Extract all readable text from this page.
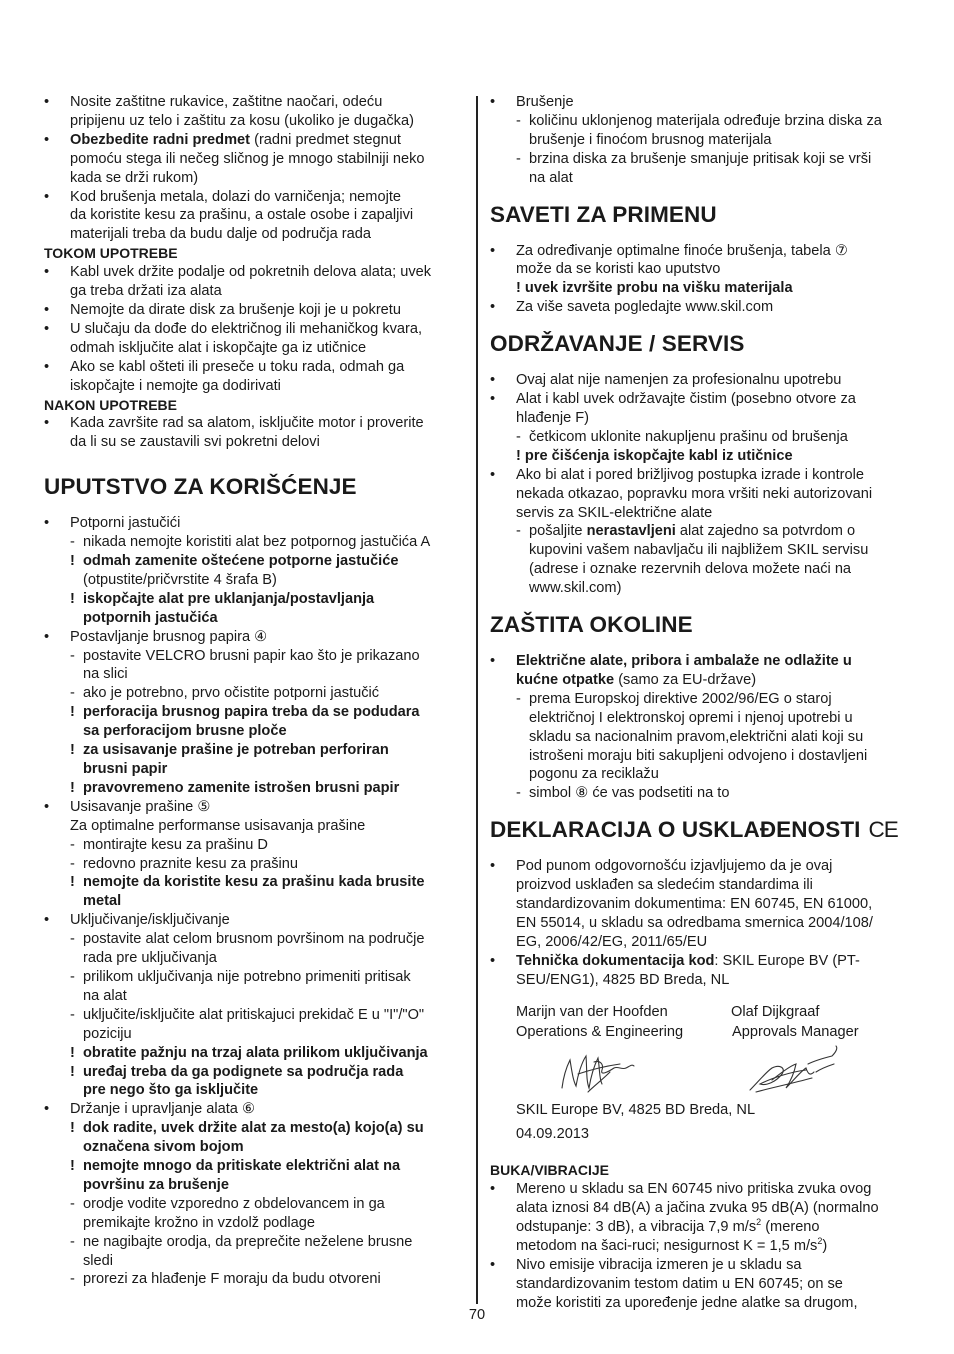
• Nosite zaštitne rukavice, zaštitne naočari, odeću
pripijenu uz telo i zaštitu za kosu (ukoliko je dugačka)
• Obezbedite radni predmet (radni predmet stegnut
pomoću stega ili nečeg sličnog je mnogo stabilniji neko
kada se drži rukom)
• Kod brušenja metala, dolazi do varničenja; nemojte
da koristite kesu za prašinu, a ostale osobe i zapaljivi
materijali treba da budu dalje od područja rada
TOKOM UPOTREBE
• Kabl uvek držite podalje od pokretnih delova alata; uvek
ga treba držati iza alata
• Nemojte da dirate disk za brušenje koji je u pokretu
• U slučaju da dođe do električnog ili mehaničkog kvara,
odmah isključite alat i iskopčajte ga iz utičnice
• Ako se kabl ošteti ili preseče u toku rada, odmah ga
iskopčajte i nemojte ga dodirivati
NAKON UPOTREBE
• Kada završite rad sa alatom, isključite motor i proverite
da li su se zaustavili svi pokretni delovi
UPUTSTVO ZA KORIŠĆENJE
• Potporni jastučići
- nikada nemojte koristiti alat bez potpornog jastučića A
! odmah zamenite oštećene potporne jastučiće
(otpustite/pričvrstite 4 šrafa B)
! iskopčajte alat pre uklanjanja/postavljanja
potpornih jastučića
• Postavljanje brusnog papira ④
- postavite VELCRO brusni papir kao što je prikazano
na slici
- ako je potrebno, prvo očistite potporni jastučić
! perforacija brusnog papira treba da se podudara
sa perforacijom brusne ploče
! za usisavanje prašine je potreban perforiran
brusni papir
! pravovremeno zamenite istrošen brusni papir
• Usisavanje prašine ⑤
Za optimalne performanse usisavanja prašine
- montirajte kesu za prašinu D
- redovno praznite kesu za prašinu
! nemojte da koristite kesu za prašinu kada brusite
metal
• Uključivanje/isključivanje
- postavite alat celom brusnom površinom na područje
rada pre uključivanja
- prilikom uključivanja nije potrebno primeniti pritisak
na alat
- uključite/isključite alat pritiskajuci prekidač E u "I"/"O"
poziciju
! obratite pažnju na trzaj alata prilikom uključivanja
! uređaj treba da ga podignete sa područja rada
pre nego što ga isključite
• Držanje i upravljanje alata ⑥
! dok radite, uvek držite alat za mesto(a) kojo(a) su
označena sivom bojom
! nemojte mnogo da pritiskate električni alat na
površinu za brušenje
- orodje vodite vzporedno z obdelovancem in ga
premikajte krožno in vzdolž podlage
- ne nagibajte orodja, da preprečite neželene brusne
sledi
- prorezi za hlađenje F moraju da budu otvoreni
• Brušenje
- količinu uklonjenog materijala određuje brzina diska za
brušenje i finoćom brusnog materijala
- brzina diska za brušenje smanjuje pritisak koji se vrši
na alat
SAVETI ZA PRIMENU
• Za određivanje optimalne finoće brušenja, tabela ⑦
može da se koristi kao uputstvo
! uvek izvršite probu na višku materijala
• Za više saveta pogledajte www.skil.com
ODRŽAVANJE / SERVIS
• Ovaj alat nije namenjen za profesionalnu upotrebu
• Alat i kabl uvek održavajte čistim (posebno otvore za
hlađenje F)
- četkicom uklonite nakupljenu prašinu od brušenja
! pre čišćenja iskopčajte kabl iz utičnice
• Ako bi alat i pored brižljivog postupka izrade i kontrole
nekada otkazao, popravku mora vršiti neki autorizovani
servis za SKIL-električne alate
- pošaljite nerastavljeni alat zajedno sa potvrdom o
kupovini vašem nabavljaču ili najbližem SKIL servisu
(adrese i oznake rezervnih delova možete naći na
www.skil.com)
ZAŠTITA OKOLINE
• Električne alate, pribora i ambalaže ne odlažite u
kućne otpatke (samo za EU-države)
- prema Europskoj direktive 2002/96/EG o staroj
električnoj I elektronskoj opremi i njenoj upotrebi u
skladu sa nacionalnim pravom,električni alati koji su
istrošeni moraju biti sakupljeni odvojeno i dostavljeni
pogonu za reciklažu
- simbol ⑧ će vas podsetiti na to
DEKLARACIJA O USKLAĐENOSTI CE
• Pod punom odgovornošću izjavljujemo da je ovaj
proizvod usklađen sa sledećim standardima ili
standardizovanim dokumentima: EN 60745, EN 61000,
EN 55014, u skladu sa odredbama smernica 2004/108/
EG, 2006/42/EG, 2011/65/EU
• Tehnička dokumentacija kod: SKIL Europe BV (PT-
SEU/ENG1), 4825 BD Breda, NL
Marijn van der Hoofden	Olaf Dijkgraaf
Operations & Engineering	Approvals Manager
SKIL Europe BV, 4825 BD Breda, NL
04.09.2013
BUKA/VIBRACIJE
• Mereno u skladu sa EN 60745 nivo pritiska zvuka ovog
alata iznosi 84 dB(A) a jačina zvuka 95 dB(A) (normalno
odstupanje: 3 dB), a vibracija 7,9 $m/s^2$ (mereno
metodom na šaci-ruci; nesigurnost K = 1,5 $m/s^2$)
• Nivo emisije vibracija izmeren je u skladu sa
standardizovanim testom datim u EN 60745; on se
može koristiti za upoređenje jedne alatke sa drugom,
70
